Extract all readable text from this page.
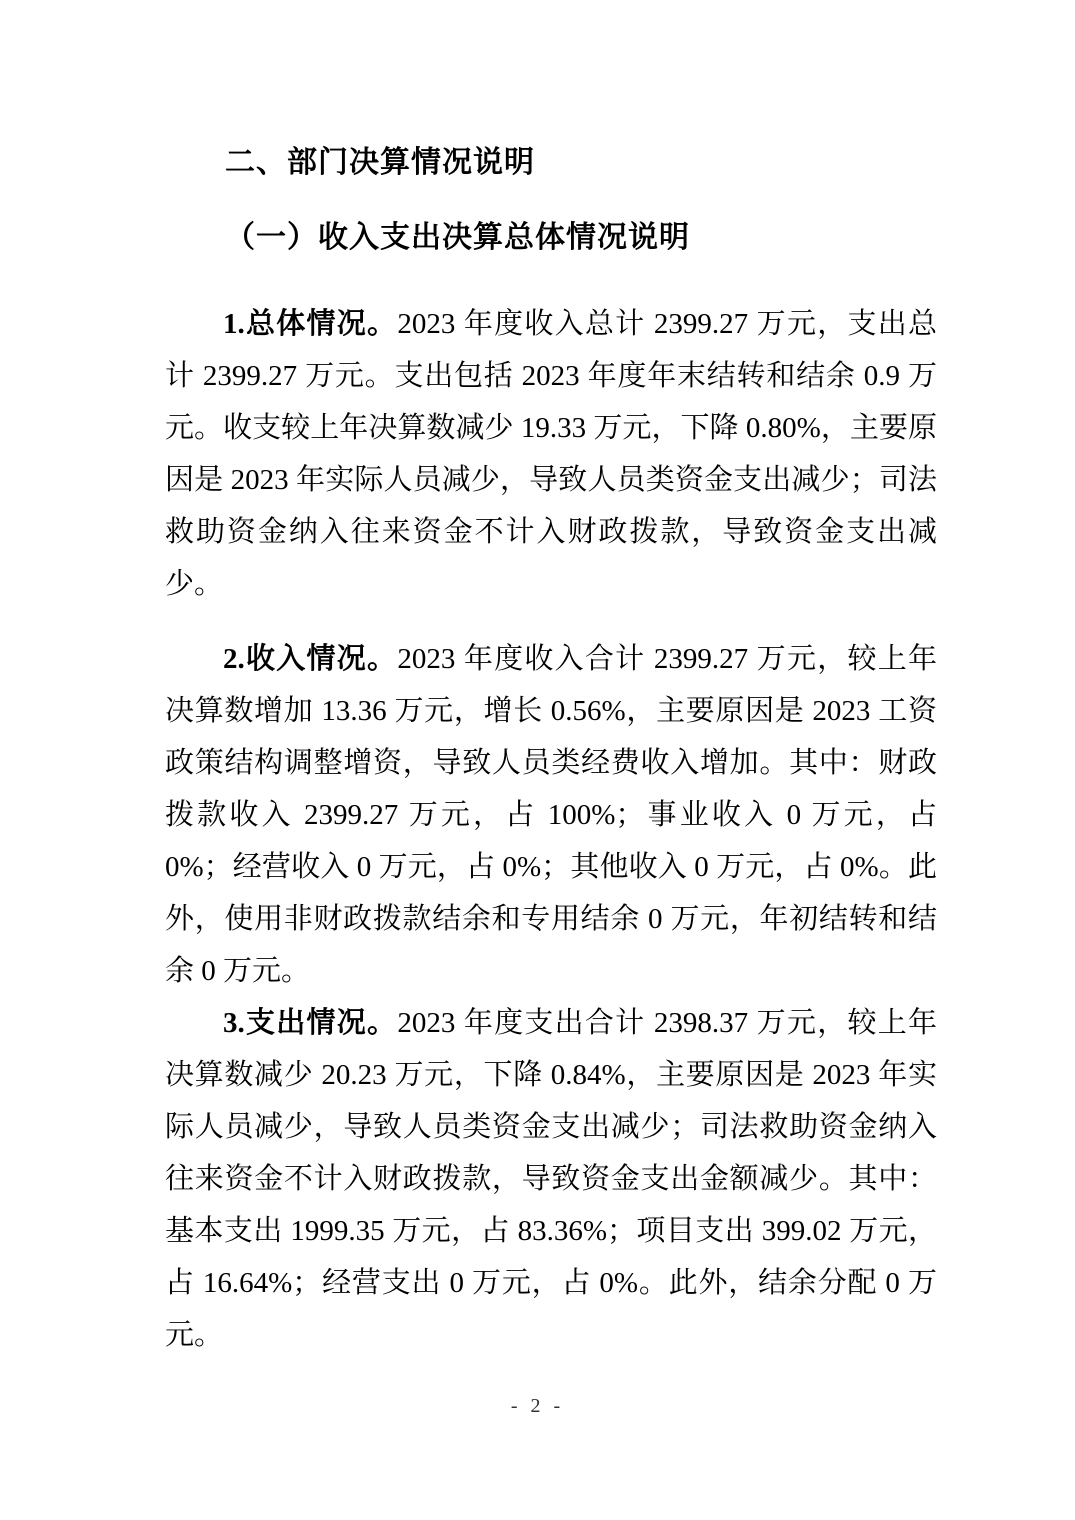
二、部门决算情况说明
（一）收入支出决算总体情况说明

1.总体情况。2023 年度收入总计 2399.27 万元，支出总计 2399.27 万元。支出包括 2023 年度年末结转和结余 0.9 万元。收支较上年决算数减少 19.33 万元，下降 0.80%，主要原因是 2023 年实际人员减少，导致人员类资金支出减少；司法救助资金纳入往来资金不计入财政拨款，导致资金支出减少。

2.收入情况。2023 年度收入合计 2399.27 万元，较上年决算数增加 13.36 万元，增长 0.56%，主要原因是 2023 工资政策结构调整增资，导致人员类经费收入增加。其中：财政拨款收入 2399.27 万元，占 100%；事业收入 0 万元，占 0%；经营收入 0 万元，占 0%；其他收入 0 万元，占 0%。此外，使用非财政拨款结余和专用结余 0 万元，年初结转和结余 0 万元。

3.支出情况。2023 年度支出合计 2398.37 万元，较上年决算数减少 20.23 万元，下降 0.84%，主要原因是 2023 年实际人员减少，导致人员类资金支出减少；司法救助资金纳入往来资金不计入财政拨款，导致资金支出金额减少。其中：基本支出 1999.35 万元，占 83.36%；项目支出 399.02 万元，占 16.64%；经营支出 0 万元，占 0%。此外，结余分配 0 万元。

- 2 -
